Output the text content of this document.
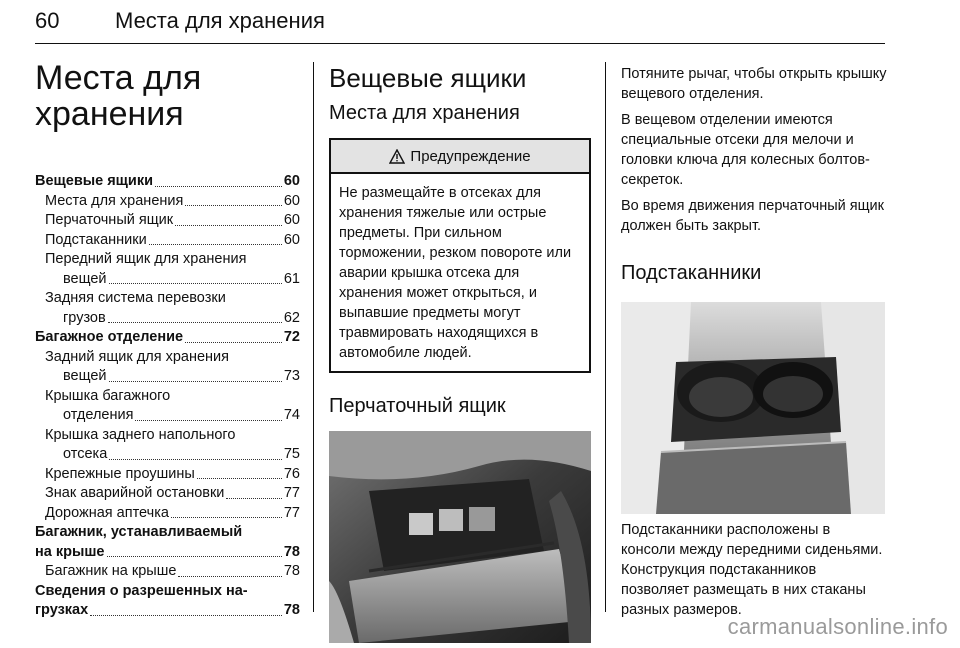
60	Места для хранения
Места для хранения
Вещевые ящики	60
Места для хранения	60
Перчаточный ящик	60
Подстаканники	60
Передний ящик для хранения
вещей	61
Задняя система перевозки
грузов	62
Багажное отделение	72
Задний ящик для хранения
вещей	73
Крышка багажного
отделения	74
Крышка заднего напольного
отсека	75
Крепежные проушины	76
Знак аварийной остановки	77
Дорожная аптечка	77
Багажник, устанавливаемый
на крыше	78
Багажник на крыше	78
Сведения о разрешенных на-
грузках	78
Вещевые ящики
Места для хранения
Предупреждение
Не размещайте в отсеках для хранения тяжелые или острые предметы. При сильном торможении, резком повороте или аварии крышка отсека для хранения может открыться, и выпавшие предметы могут травмировать находящихся в автомобиле людей.
Перчаточный ящик

Потяните рычаг, чтобы открыть крышку вещевого отделения.

В вещевом отделении имеются специальные отсеки для мелочи и головки ключа для колесных болтов-секреток.

Во время движения перчаточный ящик должен быть закрыт.

Подстаканники

Подстаканники расположены в консоли между передними сиденьями. Конструкция подстаканников позволяет размещать в них стаканы разных размеров.

carmanualsonline.info
